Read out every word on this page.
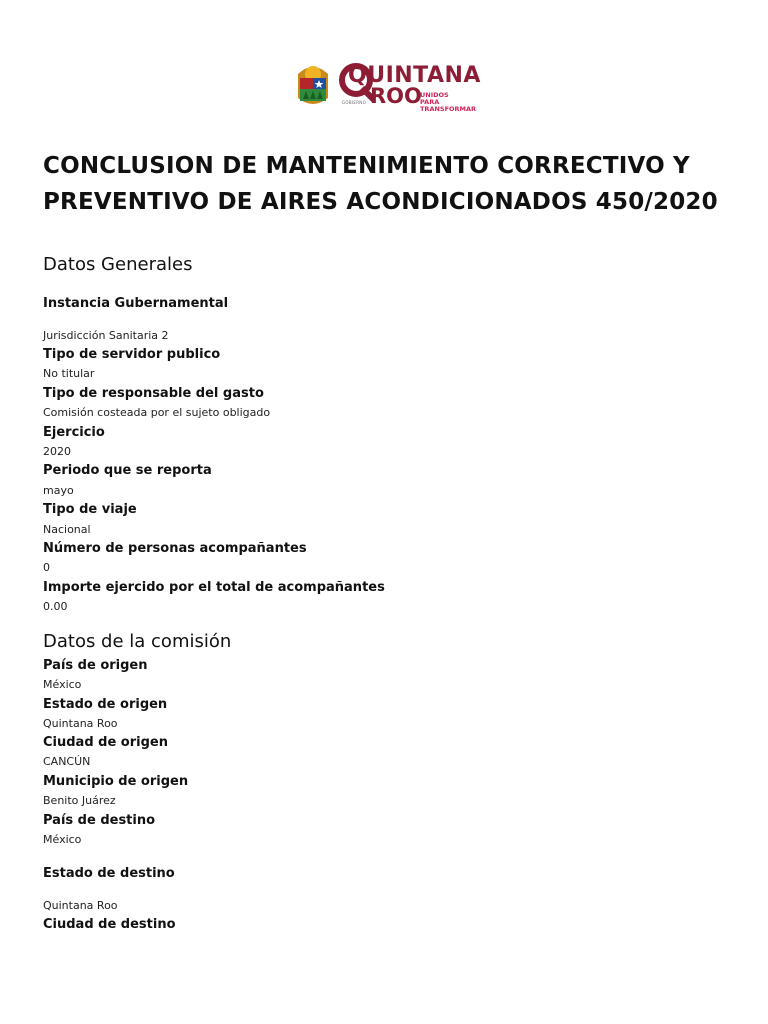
QUINTANA
ROO
UNIDOS PARA TRANSFORMAR
GOBIERNO
CONCLUSION DE MANTENIMIENTO CORRECTIVO Y PREVENTIVO DE AIRES ACONDICIONADOS 450/2020
Datos Generales
Instancia Gubernamental
Jurisdicción Sanitaria 2
Tipo de servidor publico
No titular
Tipo de responsable del gasto
Comisión costeada por el sujeto obligado
Ejercicio
2020
Periodo que se reporta
mayo
Tipo de viaje
Nacional
Número de personas acompañantes
0
Importe ejercido por el total de acompañantes
0.00
Datos de la comisión
País de origen
México
Estado de origen
Quintana Roo
Ciudad de origen
CANCÚN
Municipio de origen
Benito Juárez
País de destino
México
Estado de destino
Quintana Roo
Ciudad de destino
